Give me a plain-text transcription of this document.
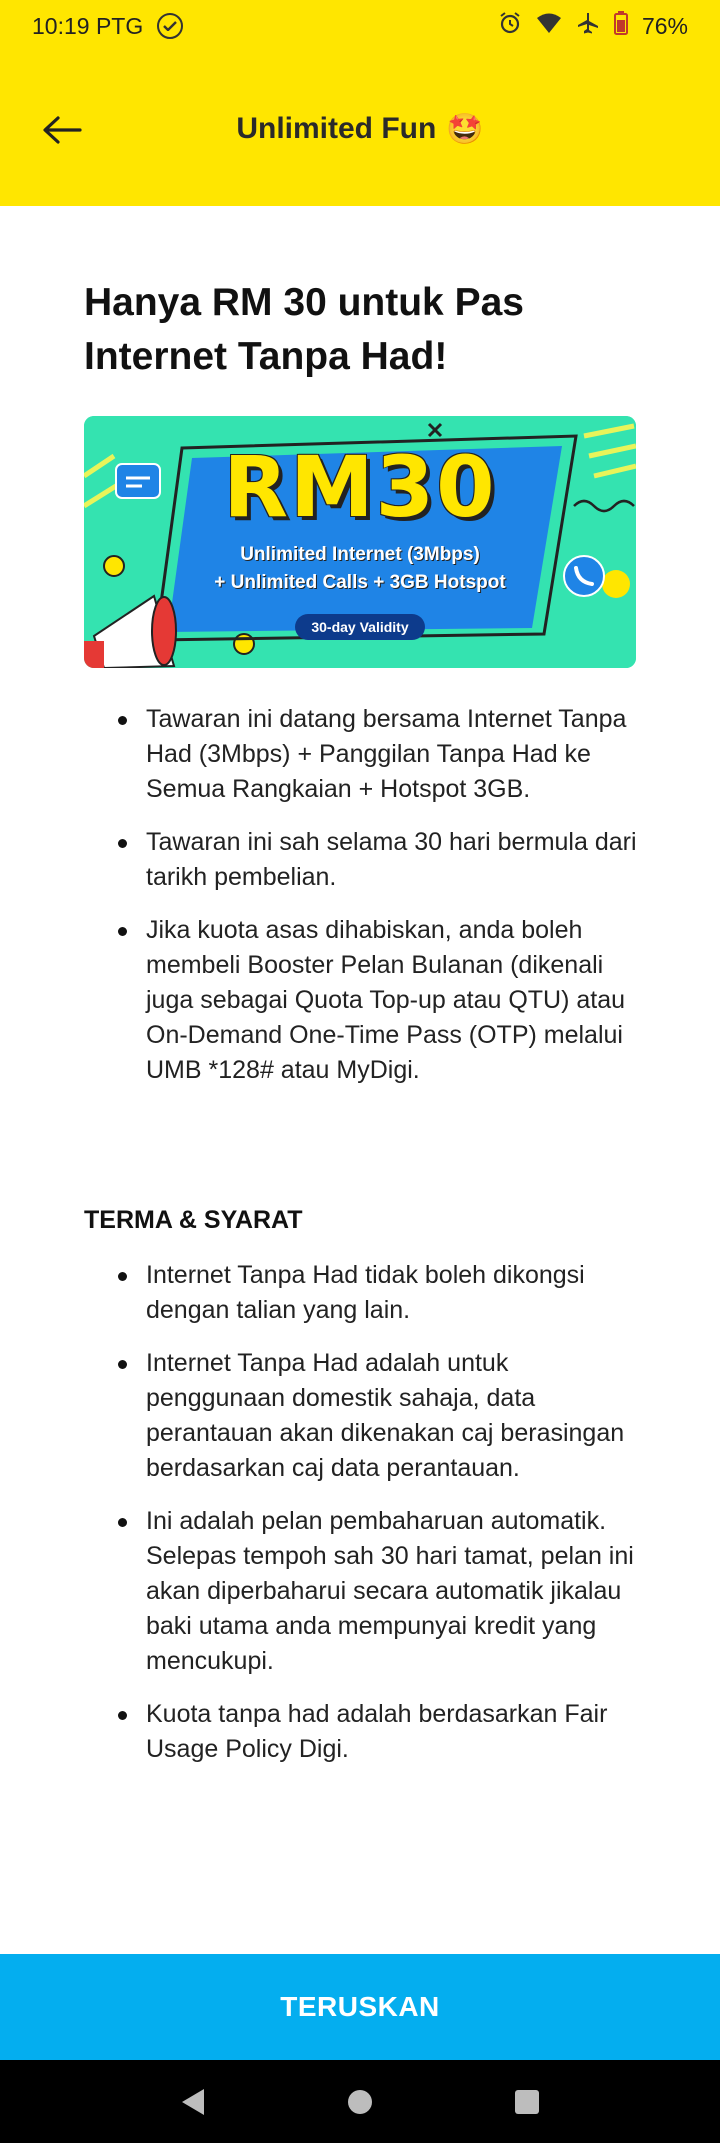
10:19 PTG	76%
Unlimited Fun 🤩
Hanya RM 30 untuk Pas Internet Tanpa Had!
RM30
Unlimited Internet (3Mbps)
+ Unlimited Calls + 3GB Hotspot
30-day Validity
Tawaran ini datang bersama Internet Tanpa Had (3Mbps) + Panggilan Tanpa Had ke Semua Rangkaian + Hotspot 3GB.
Tawaran ini sah selama 30 hari bermula dari tarikh pembelian.
Jika kuota asas dihabiskan, anda boleh membeli Booster Pelan Bulanan (dikenali juga sebagai Quota Top-up atau QTU) atau On-Demand One-Time Pass (OTP) melalui UMB *128# atau MyDigi.
TERMA & SYARAT
Internet Tanpa Had tidak boleh dikongsi dengan talian yang lain.
Internet Tanpa Had adalah untuk penggunaan domestik sahaja, data perantauan akan dikenakan caj berasingan berdasarkan caj data perantauan.
Ini adalah pelan pembaharuan automatik. Selepas tempoh sah 30 hari tamat, pelan ini akan diperbaharui secara automatik jikalau baki utama anda mempunyai kredit yang mencukupi.
Kuota tanpa had adalah berdasarkan Fair Usage Policy Digi.
TERUSKAN
